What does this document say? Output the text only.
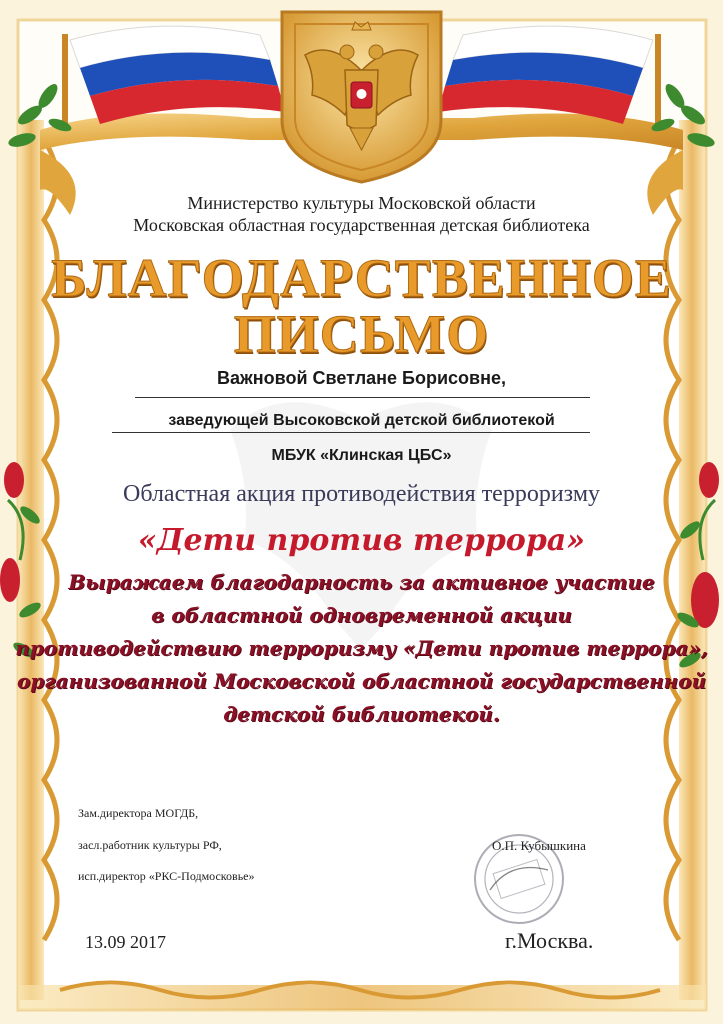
Министерство культуры Московской области

Московская областная государственная детская библиотека

БЛАГОДАРСТВЕННОЕ

ПИСЬМО

Важновой Светлане Борисовне,

заведующей Высоковской детской библиотекой

МБУК «Клинская ЦБС»

Областная акция противодействия терроризму

«Дети против террора»

Выражаем благодарность за активное участие
в областной одновременной акции
противодействию терроризму «Дети против террора»,
организованной Московской областной государственной
детской библиотекой.

Зам.директора МОГДБ,

засл.работник культуры РФ,

исп.директор «РКС-Подмосковье»

О.П. Кубышкина

13.09 2017	г.Москва.
